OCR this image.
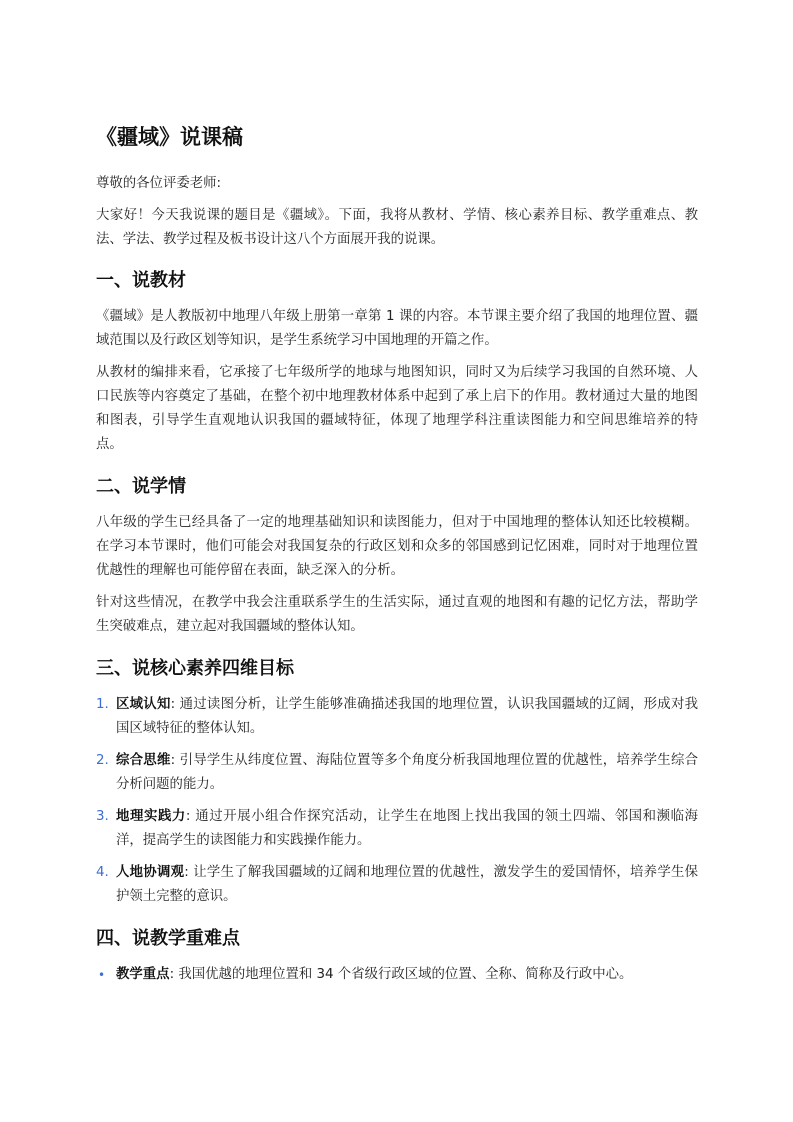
《疆域》说课稿

尊敬的各位评委老师:

大家好！今天我说课的题目是《疆域》。下面，我将从教材、学情、核心素养目标、教学重难点、教法、学法、教学过程及板书设计这八个方面展开我的说课。

一、说教材

《疆域》是人教版初中地理八年级上册第一章第 1 课的内容。本节课主要介绍了我国的地理位置、疆域范围以及行政区划等知识，是学生系统学习中国地理的开篇之作。

从教材的编排来看，它承接了七年级所学的地球与地图知识，同时又为后续学习我国的自然环境、人口民族等内容奠定了基础，在整个初中地理教材体系中起到了承上启下的作用。教材通过大量的地图和图表，引导学生直观地认识我国的疆域特征，体现了地理学科注重读图能力和空间思维培养的特点。

二、说学情

八年级的学生已经具备了一定的地理基础知识和读图能力，但对于中国地理的整体认知还比较模糊。在学习本节课时，他们可能会对我国复杂的行政区划和众多的邻国感到记忆困难，同时对于地理位置优越性的理解也可能停留在表面，缺乏深入的分析。

针对这些情况，在教学中我会注重联系学生的生活实际，通过直观的地图和有趣的记忆方法，帮助学生突破难点，建立起对我国疆域的整体认知。

三、说核心素养四维目标
1. 区域认知: 通过读图分析，让学生能够准确描述我国的地理位置，认识我国疆域的辽阔，形成对我国区域特征的整体认知。
2. 综合思维: 引导学生从纬度位置、海陆位置等多个角度分析我国地理位置的优越性，培养学生综合分析问题的能力。
3. 地理实践力: 通过开展小组合作探究活动，让学生在地图上找出我国的领土四端、邻国和濒临海洋，提高学生的读图能力和实践操作能力。
4. 人地协调观: 让学生了解我国疆域的辽阔和地理位置的优越性，激发学生的爱国情怀，培养学生保护领土完整的意识。
四、说教学重难点
• 教学重点: 我国优越的地理位置和 34 个省级行政区域的位置、全称、简称及行政中心。
